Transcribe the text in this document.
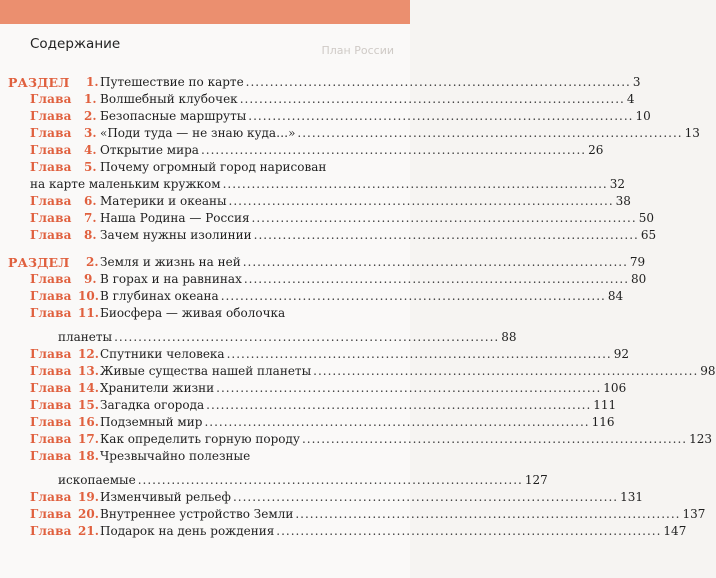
План России
Содержание
РАЗДЕЛ 1. Путешествие по карте ................................................................................ 3
Глава 1. Волшебный клубочек ................................................................................ 4
Глава 2. Безопасные маршруты ................................................................................ 10
Глава 3. «Поди туда — не знаю куда…» ................................................................................ 13
Глава 4. Открытие мира ................................................................................ 26
Глава 5. Почему огромный город нарисован
на карте маленьким кружком ................................................................................ 32
Глава 6. Материки и океаны ................................................................................ 38
Глава 7. Наша Родина — Россия ................................................................................ 50
Глава 8. Зачем нужны изолинии ................................................................................ 65
РАЗДЕЛ 2. Земля и жизнь на ней ................................................................................ 79
Глава 9. В горах и на равнинах ................................................................................ 80
Глава 10. В глубинах океана ................................................................................ 84
Глава 11. Биосфера — живая оболочка
планеты ................................................................................ 88
Глава 12. Спутники человека ................................................................................ 92
Глава 13. Живые существа нашей планеты ................................................................................ 98
Глава 14. Хранители жизни ................................................................................ 106
Глава 15. Загадка огорода ................................................................................ 111
Глава 16. Подземный мир ................................................................................ 116
Глава 17. Как определить горную породу ................................................................................ 123
Глава 18. Чрезвычайно полезные
ископаемые ................................................................................ 127
Глава 19. Изменчивый рельеф ................................................................................ 131
Глава 20. Внутреннее устройство Земли ................................................................................ 137
Глава 21. Подарок на день рождения ................................................................................ 147
